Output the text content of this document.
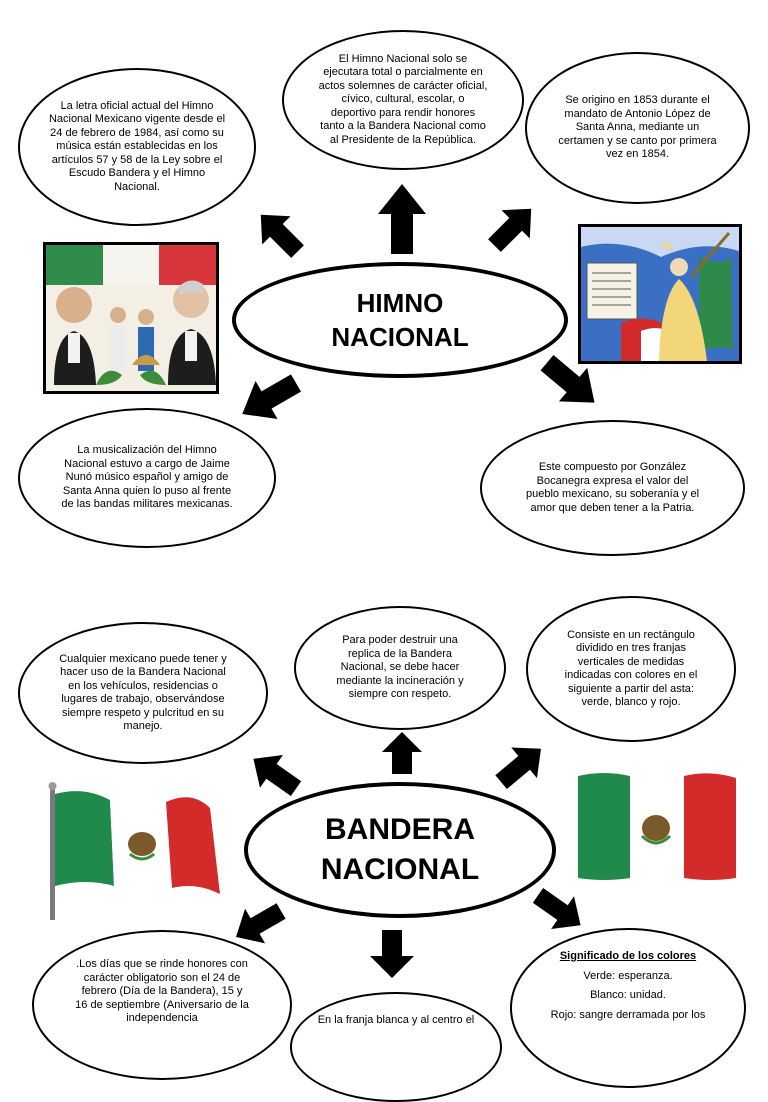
La letra oficial actual del Himno Nacional Mexicano vigente desde el 24 de febrero de 1984, así como su música están establecidas en los artículos 57 y 58 de la Ley sobre el Escudo Bandera y el Himno Nacional.
El Himno Nacional solo se ejecutara total o parcialmente en actos solemnes de carácter oficial, cívico, cultural, escolar, o deportivo para rendir honores tanto a la Bandera Nacional como al Presidente de la República.
Se origino en 1853 durante el mandato de Antonio López de Santa Anna, mediante un certamen y se canto por primera vez en 1854.
HIMNO
NACIONAL
La musicalización del Himno Nacional estuvo a cargo de Jaime Nunó músico español y amigo de Santa Anna quien lo puso al frente de las bandas militares mexicanas.
Este compuesto por González Bocanegra expresa el valor del pueblo mexicano, su soberanía y el amor que deben tener a la Patria.
Cualquier mexicano puede tener y hacer uso de la Bandera Nacional en los vehículos, residencias o lugares de trabajo, observándose siempre respeto y pulcritud en su manejo.
Para poder destruir una replica de la Bandera Nacional, se debe hacer mediante la incineración y siempre con respeto.
Consiste en un rectángulo dividido en tres franjas verticales de medidas indicadas con colores en el siguiente a partir del asta: verde, blanco y rojo.
BANDERA
NACIONAL
.Los días que se rinde honores con carácter obligatorio son el 24 de febrero (Día de la Bandera), 15 y 16 de septiembre (Aniversario de la independencia	En la franja blanca y al centro el
Significado de los colores
Verde: esperanza.
Blanco: unidad.
Rojo: sangre derramada por los
